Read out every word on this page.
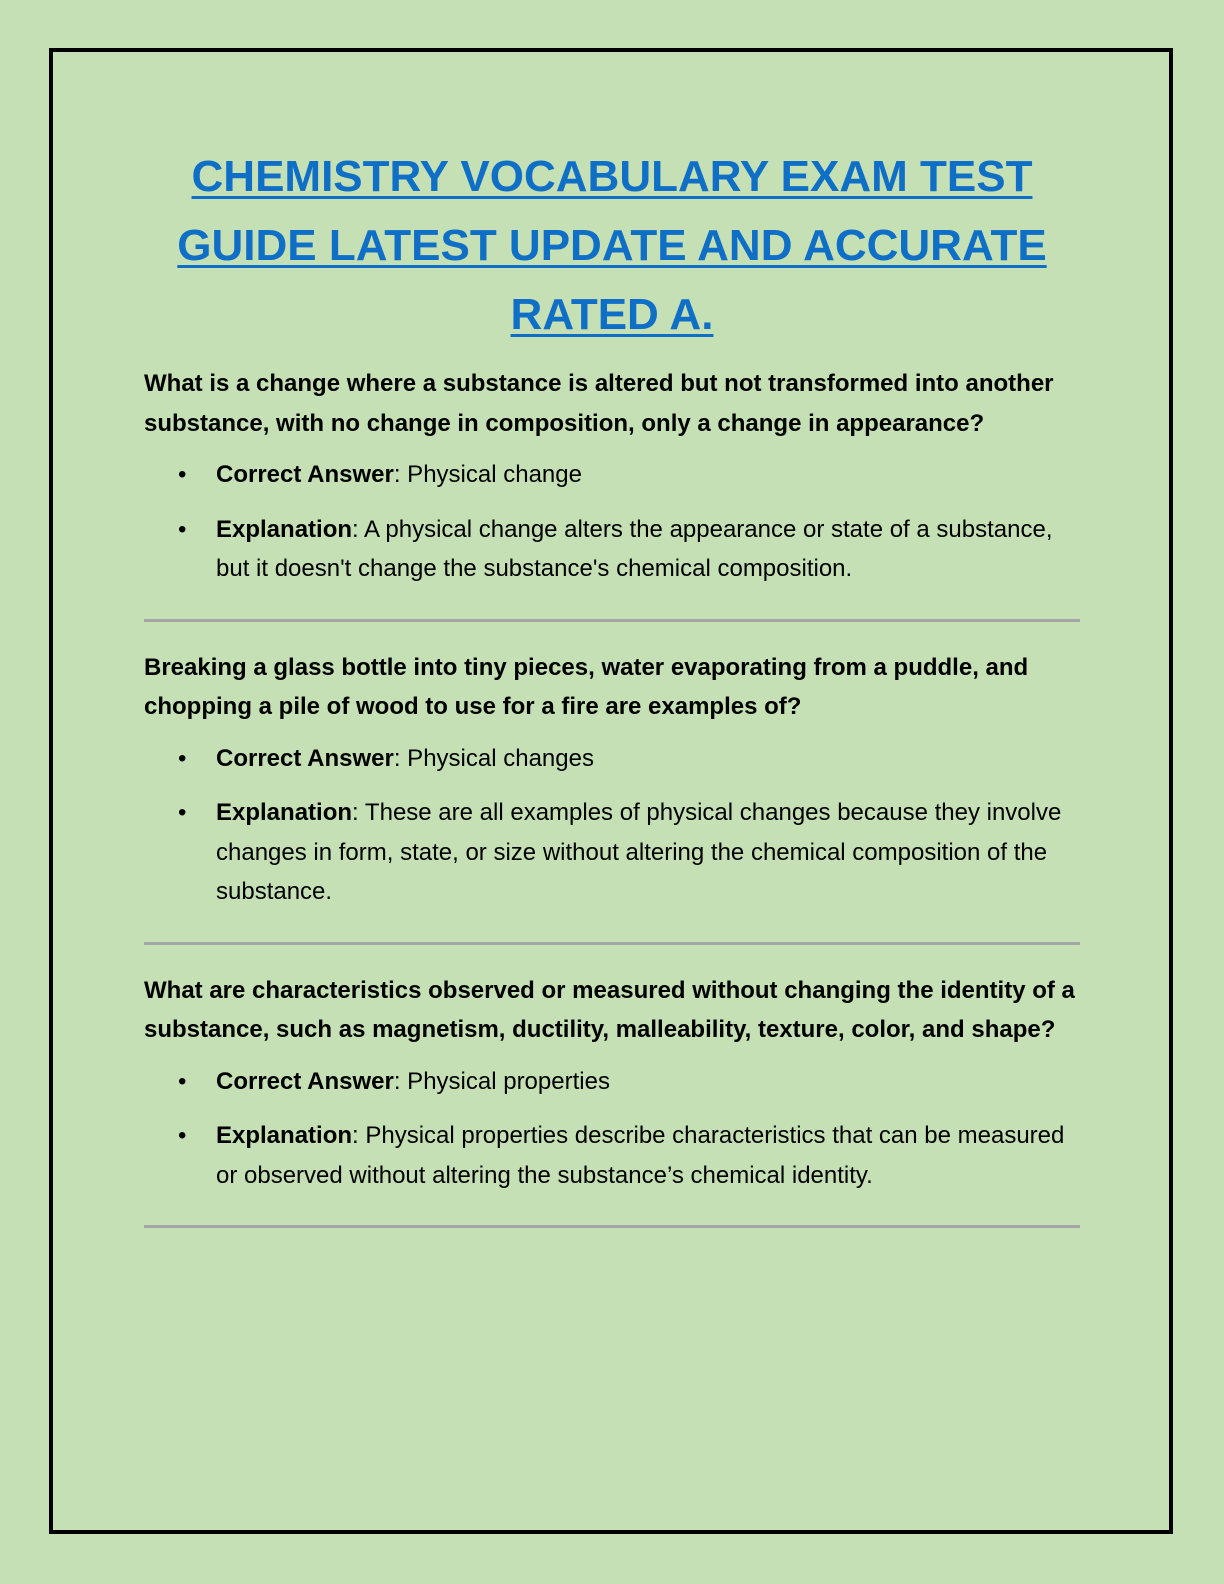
CHEMISTRY VOCABULARY EXAM TEST GUIDE LATEST UPDATE AND ACCURATE RATED A.

What is a change where a substance is altered but not transformed into another substance, with no change in composition, only a change in appearance?

• Correct Answer: Physical change
• Explanation: A physical change alters the appearance or state of a substance, but it doesn't change the substance's chemical composition.

Breaking a glass bottle into tiny pieces, water evaporating from a puddle, and chopping a pile of wood to use for a fire are examples of?

• Correct Answer: Physical changes
• Explanation: These are all examples of physical changes because they involve changes in form, state, or size without altering the chemical composition of the substance.

What are characteristics observed or measured without changing the identity of a substance, such as magnetism, ductility, malleability, texture, color, and shape?

• Correct Answer: Physical properties
• Explanation: Physical properties describe characteristics that can be measured or observed without altering the substance’s chemical identity.
